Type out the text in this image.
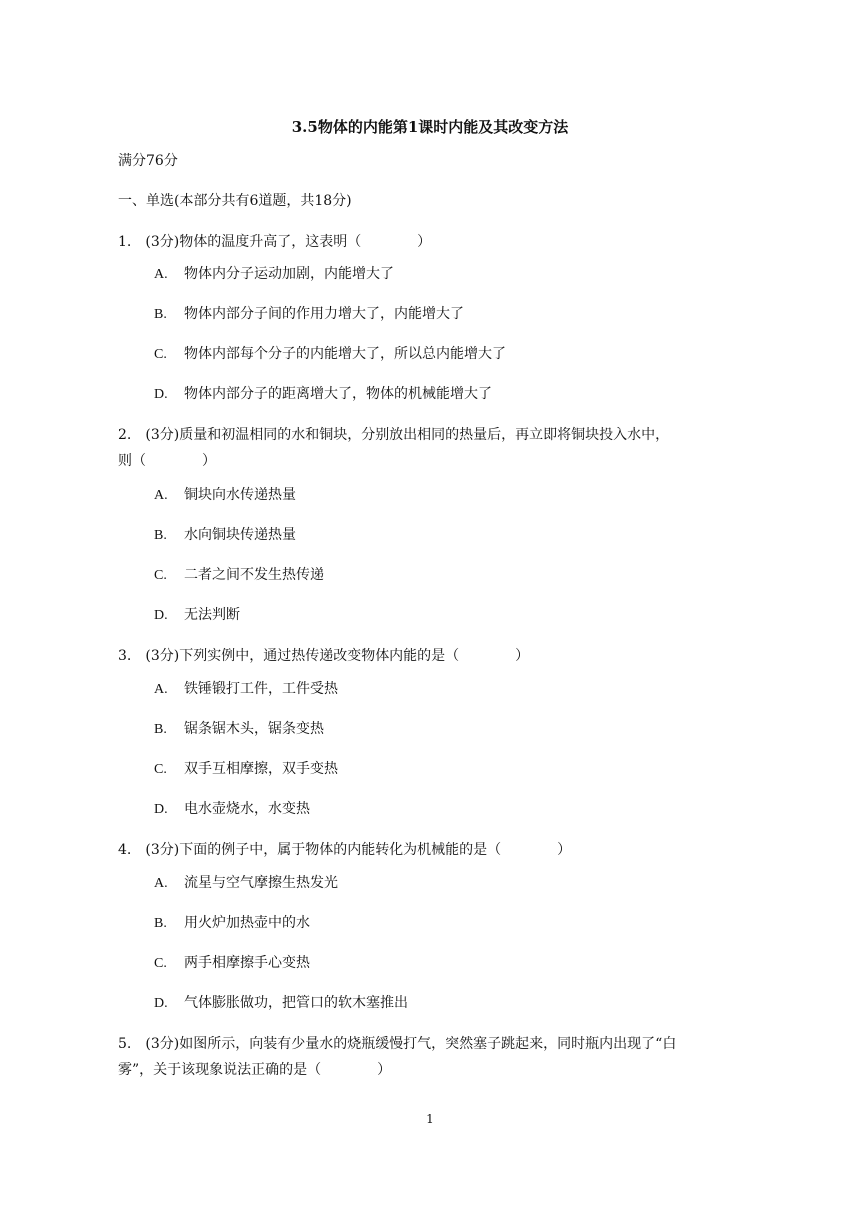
3.5物体的内能第1课时内能及其改变方法
满分76分
一、单选(本部分共有6道题，共18分)
1.　(3分)物体的温度升高了，这表明（　　　　）
A. 物体内分子运动加剧，内能增大了
B. 物体内部分子间的作用力增大了，内能增大了
C. 物体内部每个分子的内能增大了，所以总内能增大了
D. 物体内部分子的距离增大了，物体的机械能增大了
2.　(3分)质量和初温相同的水和铜块，分别放出相同的热量后，再立即将铜块投入水中，
则（　　　　）
A. 铜块向水传递热量
B. 水向铜块传递热量
C. 二者之间不发生热传递
D. 无法判断
3.　(3分)下列实例中，通过热传递改变物体内能的是（　　　　）
A. 铁锤锻打工件，工件受热
B. 锯条锯木头，锯条变热
C. 双手互相摩擦，双手变热
D. 电水壶烧水，水变热
4.　(3分)下面的例子中，属于物体的内能转化为机械能的是（　　　　）
A. 流星与空气摩擦生热发光
B. 用火炉加热壶中的水
C. 两手相摩擦手心变热
D. 气体膨胀做功，把管口的软木塞推出
5.　(3分)如图所示，向装有少量水的烧瓶缓慢打气，突然塞子跳起来，同时瓶内出现了“白
雾”，关于该现象说法正确的是（　　　　）
1
